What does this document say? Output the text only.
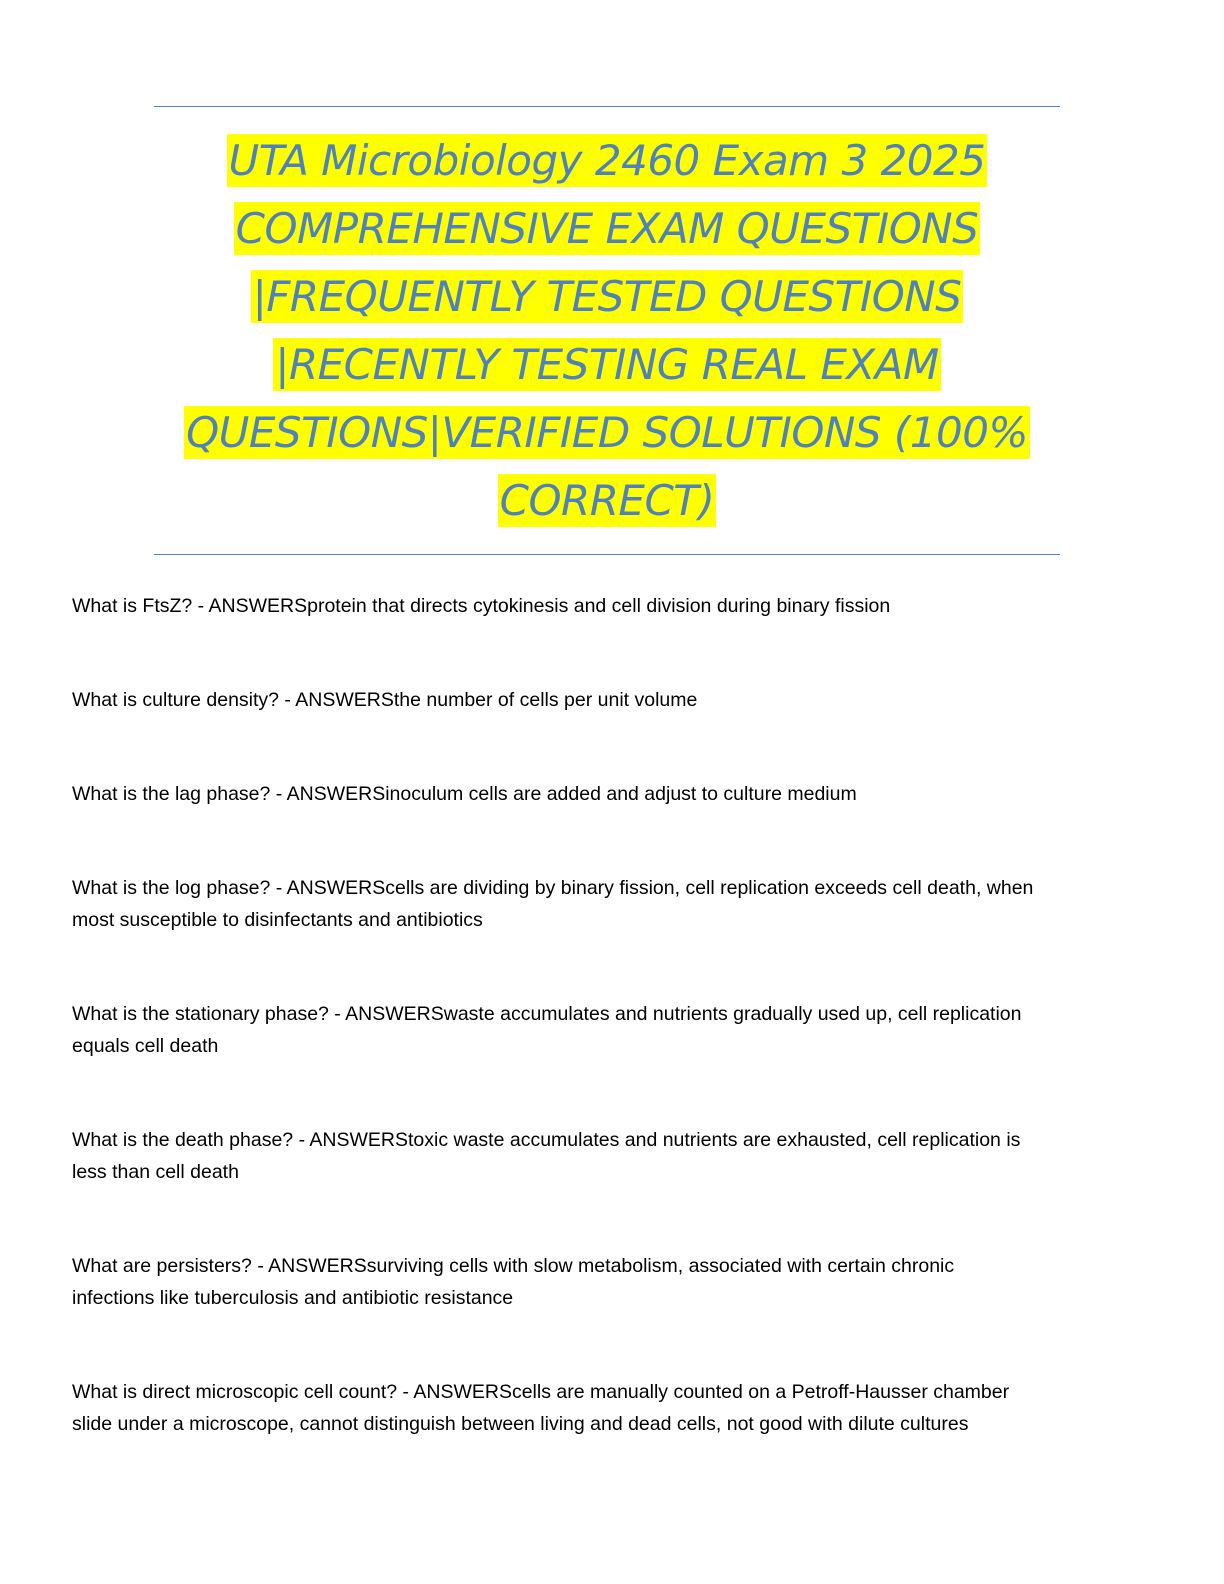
UTA Microbiology 2460 Exam 3 2025
COMPREHENSIVE EXAM QUESTIONS
|FREQUENTLY TESTED QUESTIONS
|RECENTLY TESTING REAL EXAM
QUESTIONS|VERIFIED SOLUTIONS (100%
CORRECT)
What is FtsZ? - ANSWERSprotein that directs cytokinesis and cell division during binary fission
What is culture density? - ANSWERSthe number of cells per unit volume
What is the lag phase? - ANSWERSinoculum cells are added and adjust to culture medium
What is the log phase? - ANSWERScells are dividing by binary fission, cell replication exceeds cell death, when
most susceptible to disinfectants and antibiotics
What is the stationary phase? - ANSWERSwaste accumulates and nutrients gradually used up, cell replication
equals cell death
What is the death phase? - ANSWERStoxic waste accumulates and nutrients are exhausted, cell replication is
less than cell death
What are persisters? - ANSWERSsurviving cells with slow metabolism, associated with certain chronic
infections like tuberculosis and antibiotic resistance
What is direct microscopic cell count? - ANSWERScells are manually counted on a Petroff-Hausser chamber
slide under a microscope, cannot distinguish between living and dead cells, not good with dilute cultures
